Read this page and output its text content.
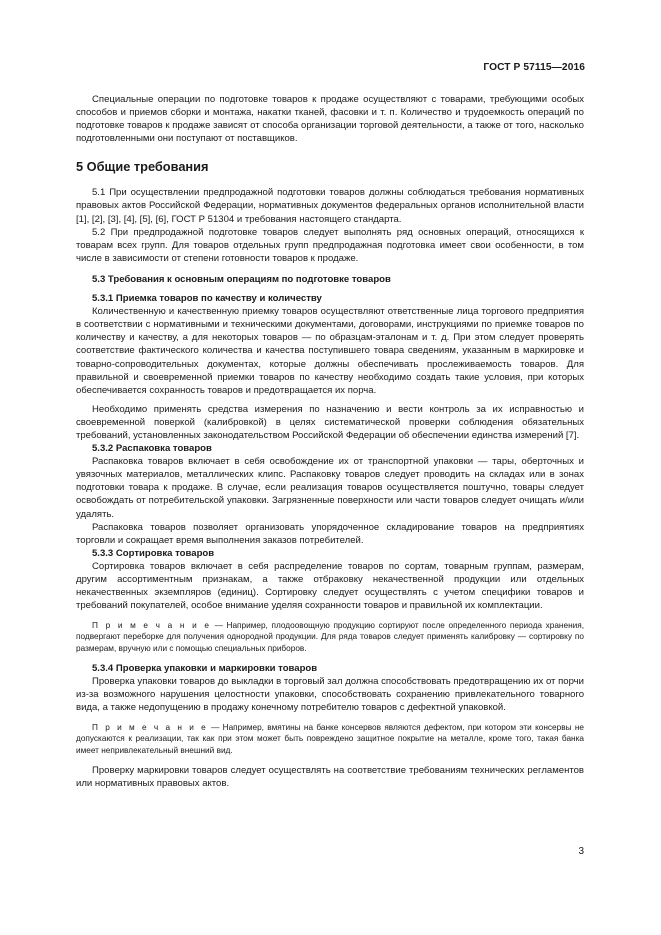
ГОСТ Р 57115—2016

Специальные операции по подготовке товаров к продаже осуществляют с товарами, требующими особых способов и приемов сборки и монтажа, накатки тканей, фасовки и т. п. Количество и трудоемкость операций по подготовке товаров к продаже зависят от способа организации торговой деятельности, а также от того, насколько подготовленными они поступают от поставщиков.

5 Общие требования

5.1 При осуществлении предпродажной подготовки товаров должны соблюдаться требования нормативных правовых актов Российской Федерации, нормативных документов федеральных органов исполнительной власти [1], [2], [3], [4], [5], [6], ГОСТ Р 51304 и требования настоящего стандарта.

5.2 При предпродажной подготовке товаров следует выполнять ряд основных операций, относящихся к товарам всех групп. Для товаров отдельных групп предпродажная подготовка имеет свои особенности, в том числе в зависимости от степени готовности товаров к продаже.

5.3 Требования к основным операциям по подготовке товаров

5.3.1 Приемка товаров по качеству и количеству

Количественную и качественную приемку товаров осуществляют ответственные лица торгового предприятия в соответствии с нормативными и техническими документами, договорами, инструкциями по приемке товаров по количеству и качеству, а для некоторых товаров — по образцам-эталонам и т. д. При этом следует проверять соответствие фактического количества и качества поступившего товара сведениям, указанным в маркировке и товарно-сопроводительных документах, которые должны обеспечивать прослеживаемость товаров. Для правильной и своевременной приемки товаров по качеству необходимо создать такие условия, при которых обеспечивается сохранность товаров и предотвращается их порча.

Необходимо применять средства измерения по назначению и вести контроль за их исправностью и своевременной поверкой (калибровкой) в целях систематической проверки соблюдения обязательных требований, установленных законодательством Российской Федерации об обеспечении единства измерений [7].

5.3.2 Распаковка товаров

Распаковка товаров включает в себя освобождение их от транспортной упаковки — тары, оберточных и увязочных материалов, металлических клипс. Распаковку товаров следует проводить на складах или в зонах подготовки товара к продаже. В случае, если реализация товаров осуществляется поштучно, товары следует освобождать от потребительской упаковки. Загрязненные поверхности или части товаров следует очищать и/или удалять.

Распаковка товаров позволяет организовать упорядоченное складирование товаров на предприятиях торговли и сокращает время выполнения заказов потребителей.

5.3.3 Сортировка товаров

Сортировка товаров включает в себя распределение товаров по сортам, товарным группам, размерам, другим ассортиментным признакам, а также отбраковку некачественной продукции или отдельных некачественных экземпляров (единиц). Сортировку следует осуществлять с учетом специфики товаров и требований покупателей, особое внимание уделяя сохранности товаров и правильной их комплектации.

П р и м е ч а н и е — Например, плодоовощную продукцию сортируют после определенного периода хранения, подвергают переборке для получения однородной продукции. Для ряда товаров следует применять калибровку — сортировку по размерам, вручную или с помощью специальных приборов.

5.3.4 Проверка упаковки и маркировки товаров

Проверка упаковки товаров до выкладки в торговый зал должна способствовать предотвращению их от порчи из-за возможного нарушения целостности упаковки, способствовать сохранению привлекательного товарного вида, а также недопущению в продажу конечному потребителю товаров с дефектной упаковкой.

П р и м е ч а н и е — Например, вмятины на банке консервов являются дефектом, при котором эти консервы не допускаются к реализации, так как при этом может быть повреждено защитное покрытие на металле, кроме того, такая банка имеет непривлекательный внешний вид.

Проверку маркировки товаров следует осуществлять на соответствие требованиям технических регламентов или нормативных правовых актов.

3
